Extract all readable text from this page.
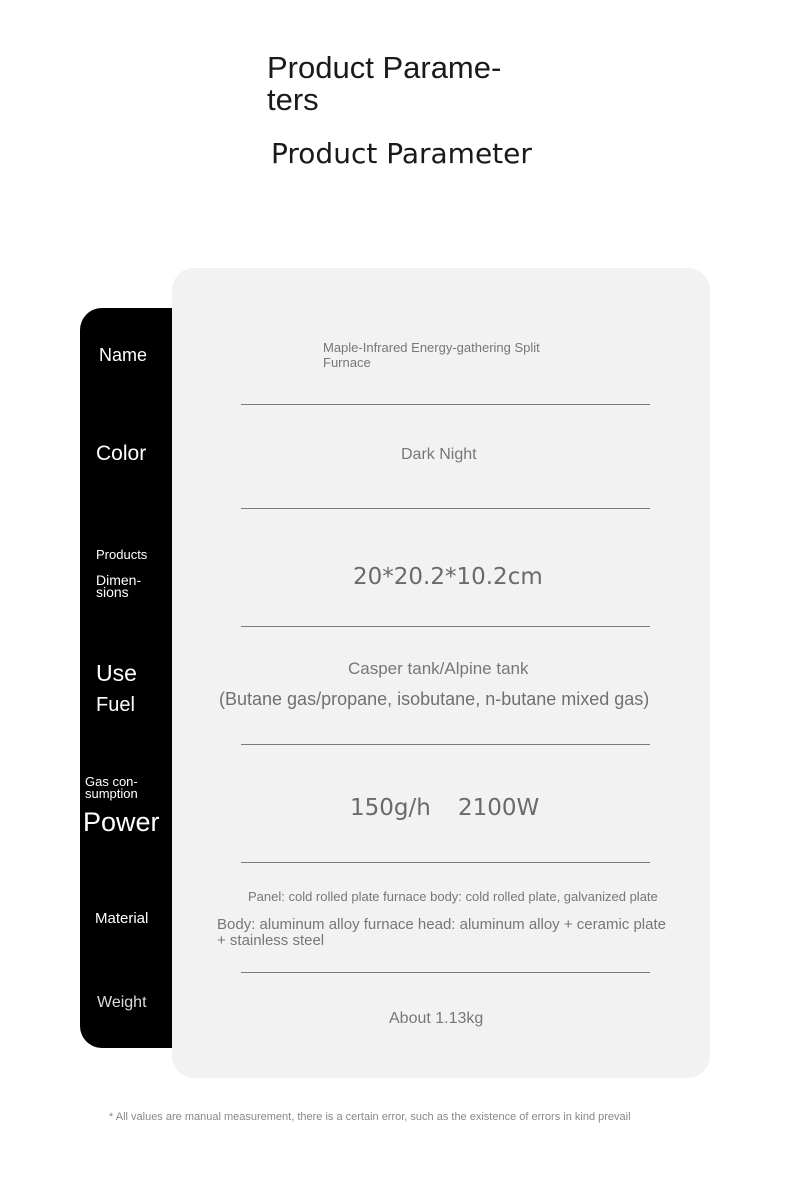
Product Parame-ters
Product Parameter
Name
Color
Products
Dimen-sions
Use
Fuel
Gas con-sumption
Power
Material
Weight
Maple-Infrared Energy-gathering Split Furnace
Dark Night
20*20.2*10.2cm
Casper tank/Alpine tank
(Butane gas/propane, isobutane, n-butane mixed gas)
150g/h 2100W
Panel: cold rolled plate furnace body: cold rolled plate, galvanized plate
Body: aluminum alloy furnace head: aluminum alloy + ceramic plate + stainless steel
About 1.13kg
* All values are manual measurement, there is a certain error, such as the existence of errors in kind prevail
